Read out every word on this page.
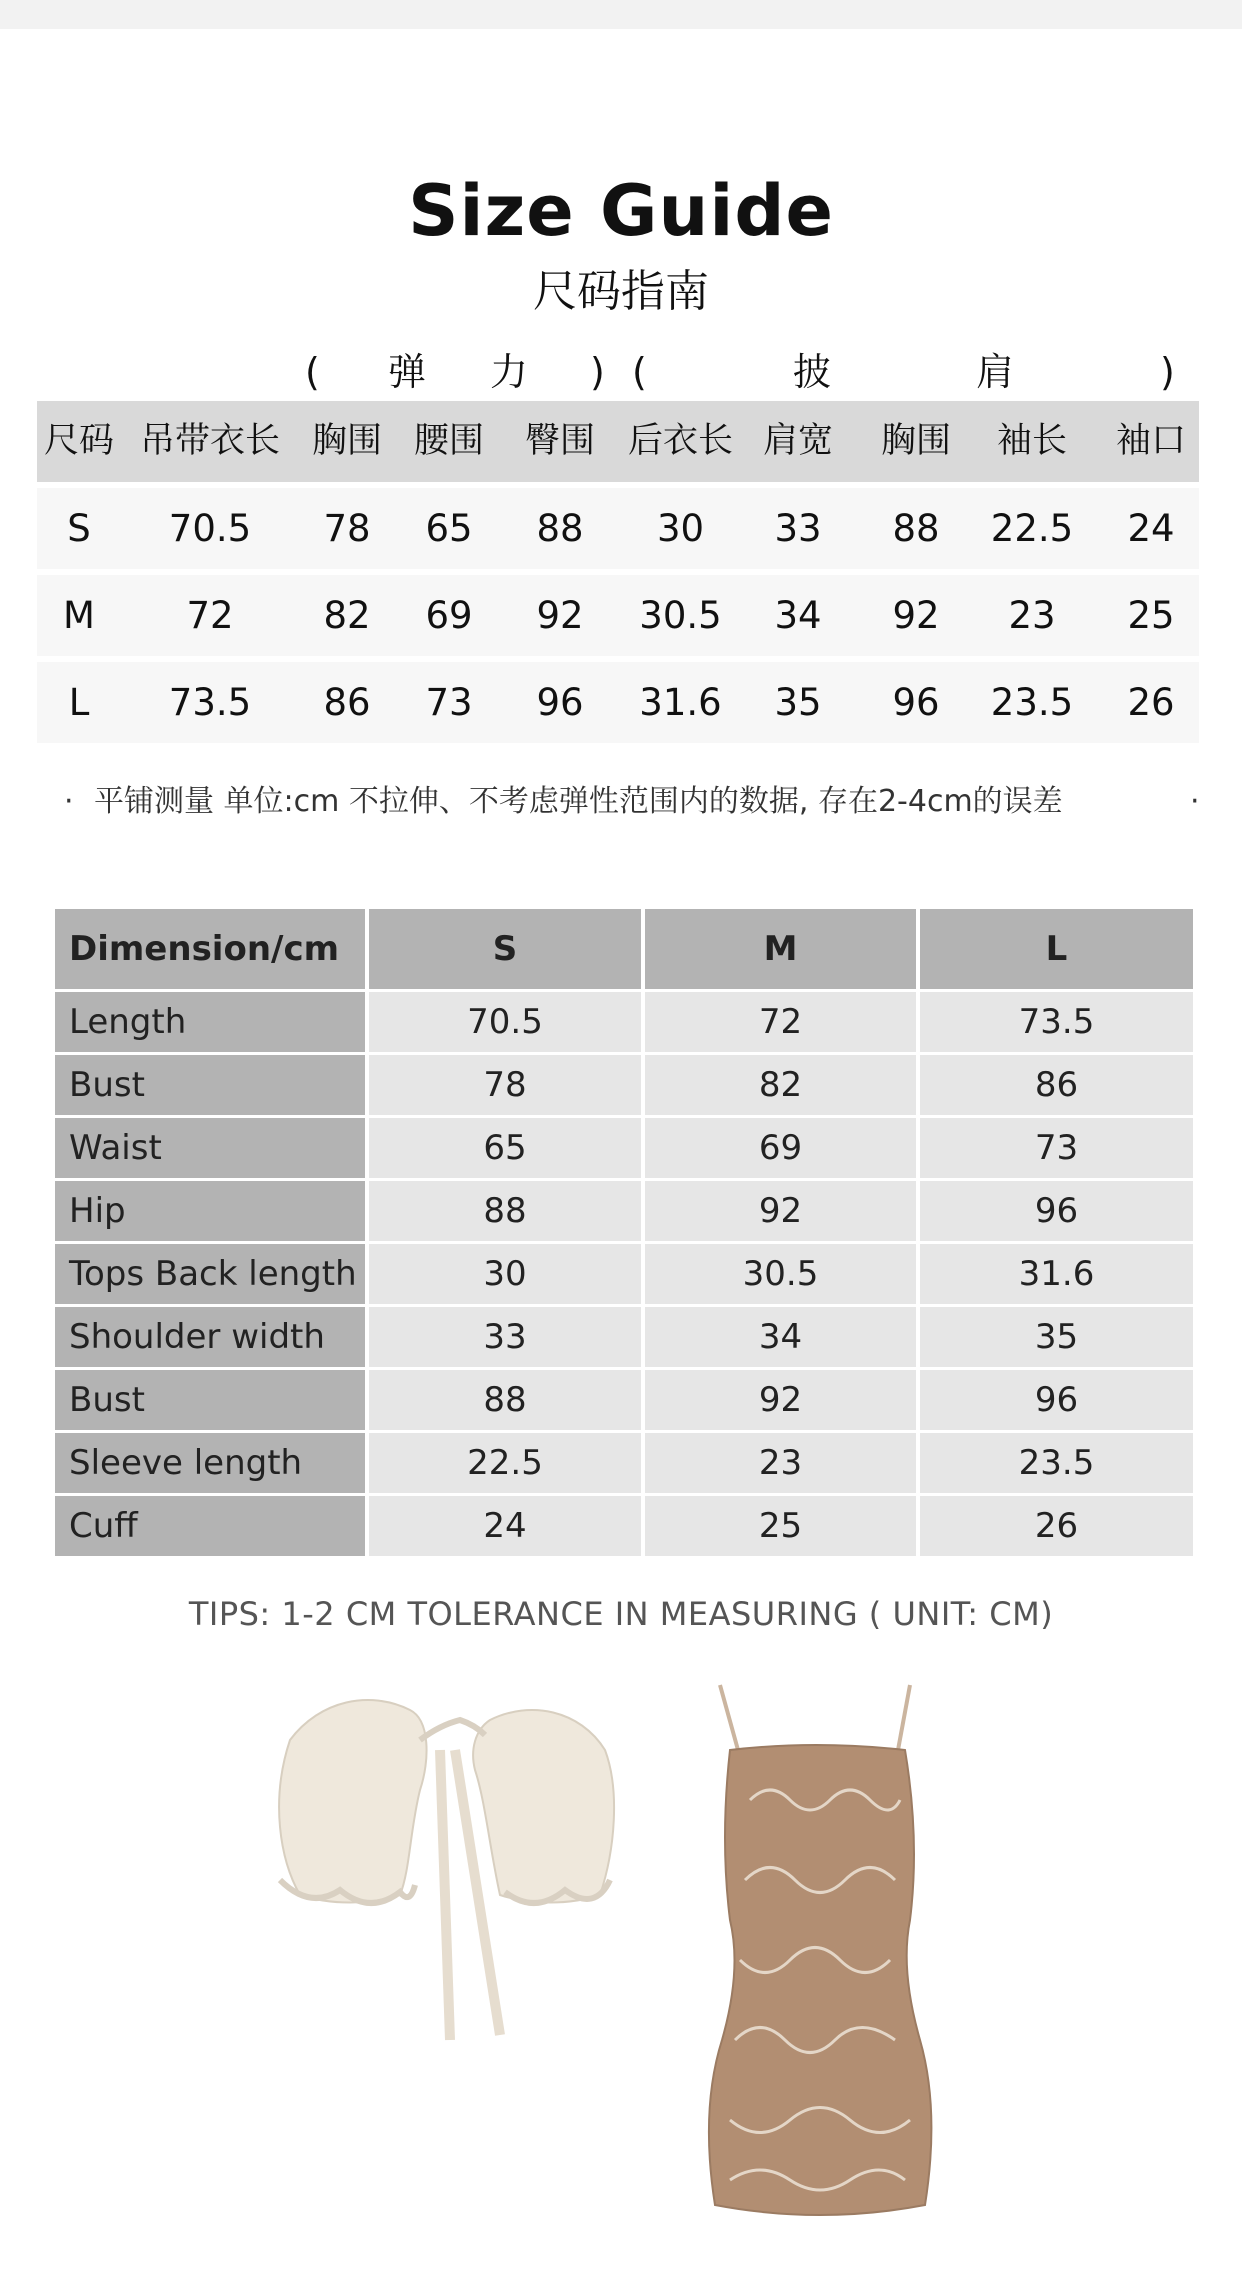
Size Guide
尺码指南
( 弹 力 ) (	披	肩	)
尺码 吊带衣长 胸围 腰围 臀围 后衣长 肩宽 胸围 袖长 袖口
S	70.5	78	65	88	30	33	88	22.5	24
M	72	82	69	92	30.5	34	92	23	25
L	73.5	86	73	96	31.6	35	96	23.5	26
· 平铺测量 单位:cm 不拉伸、不考虑弹性范围内的数据, 存在2-4cm的误差	·
Dimension/cm	S	M	L
Length	70.5	72	73.5
Bust	78	82	86
Waist	65	69	73
Hip	88	92	96
Tops Back length	30	30.5	31.6
Shoulder width	33	34	35
Bust	88	92	96
Sleeve length	22.5	23	23.5
Cuff	24	25	26
TIPS: 1-2 CM TOLERANCE IN MEASURING ( UNIT: CM)
